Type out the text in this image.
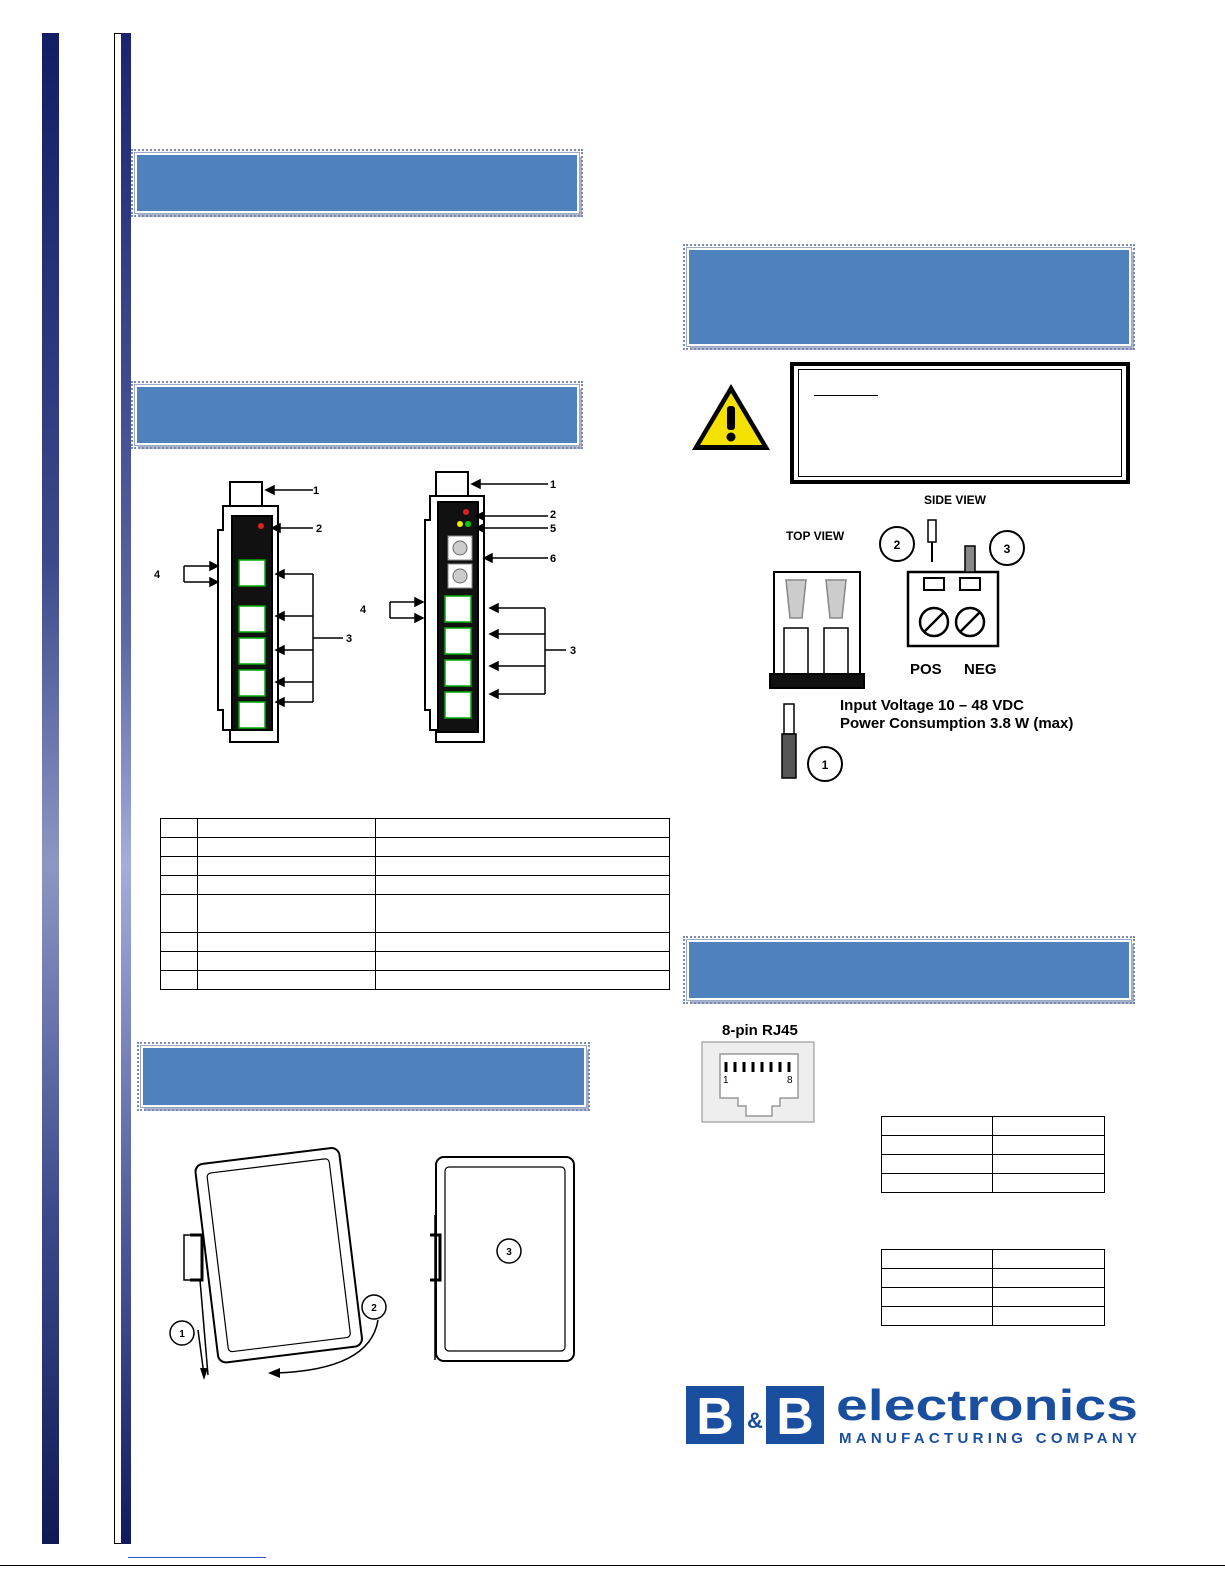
1
2
3
4
1
2
5
6
4
3

1
2
3
SIDE VIEW
TOP VIEW
1
2	3
POS NEG
Input Voltage 10 – 48 VDC
Power Consumption 3.8 W (max)
8-pin RJ45
1	8

B & B electronics
MANUFACTURING COMPANY
